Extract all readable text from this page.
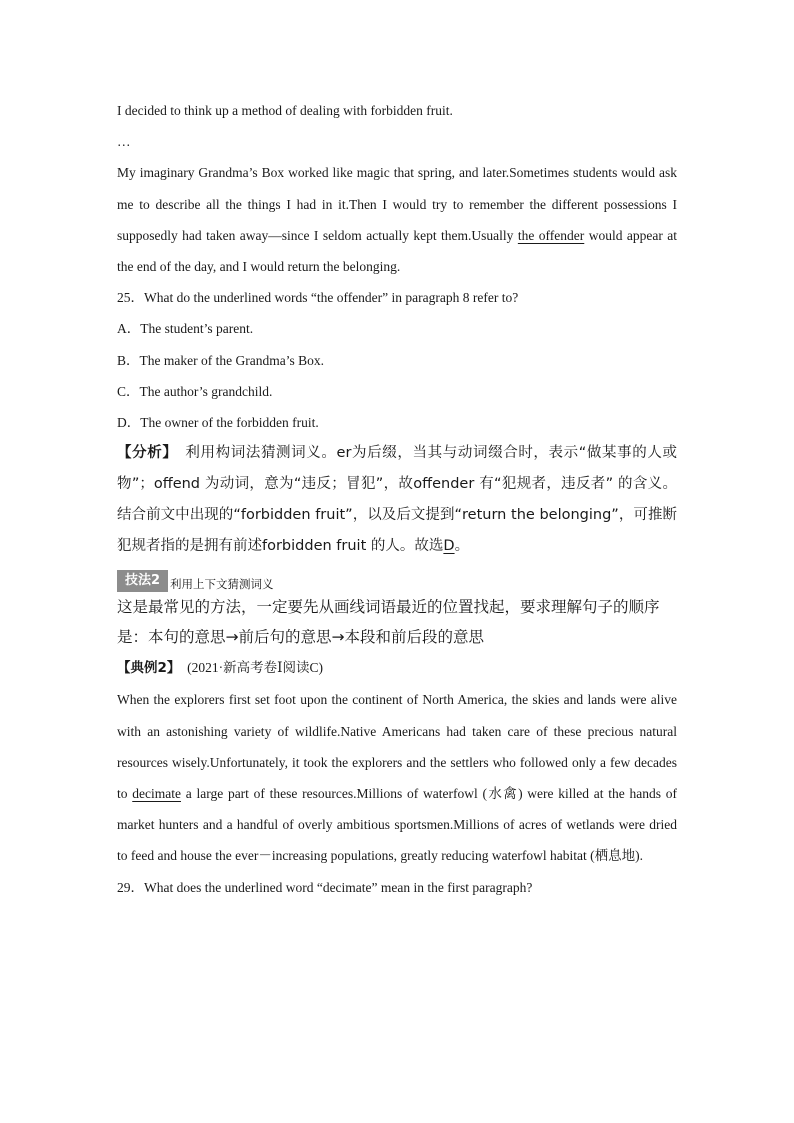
I decided to think up a method of dealing with forbidden fruit.

…

My imaginary Grandma’s Box worked like magic that spring, and later.Sometimes students would ask me to describe all the things I had in it.Then I would try to remember the different possessions I supposedly had taken away—since I seldom actually kept them.Usually the offender would appear at the end of the day, and I would return the belonging.

25．What do the underlined words “the offender” in paragraph 8 refer to?

A．The student’s parent.

B．The maker of the Grandma’s Box.

C．The author’s grandchild.

D．The owner of the forbidden fruit.

【分析】　利用构词法猜测词义。er为后缀，当其与动词缀合时，表示“做某事的人或物”；offend 为动词，意为“违反；冒犯”，故offender 有“犯规者，违反者” 的含义。结合前文中出现的“forbidden fruit”，以及后文提到“return the belonging”，可推断犯规者指的是拥有前述forbidden fruit 的人。故选D。

技法2 利用上下文猜测词义

这是最常见的方法，一定要先从画线词语最近的位置找起，要求理解句子的顺序是：本句的意思→前后句的意思→本段和前后段的意思

【典例2】　(2021·新高考卷Ⅰ阅读C)

When the explorers first set foot upon the continent of North America, the skies and lands were alive with an astonishing variety of wildlife.Native Americans had taken care of these precious natural resources wisely.Unfortunately, it took the explorers and the settlers who followed only a few decades to decimate a large part of these resources.Millions of waterfowl (水禽) were killed at the hands of market hunters and a handful of overly ambitious sportsmen.Millions of acres of wetlands were dried to feed and house the ever－increasing populations, greatly reducing waterfowl habitat (栖息地).

29．What does the underlined word “decimate” mean in the first paragraph?
